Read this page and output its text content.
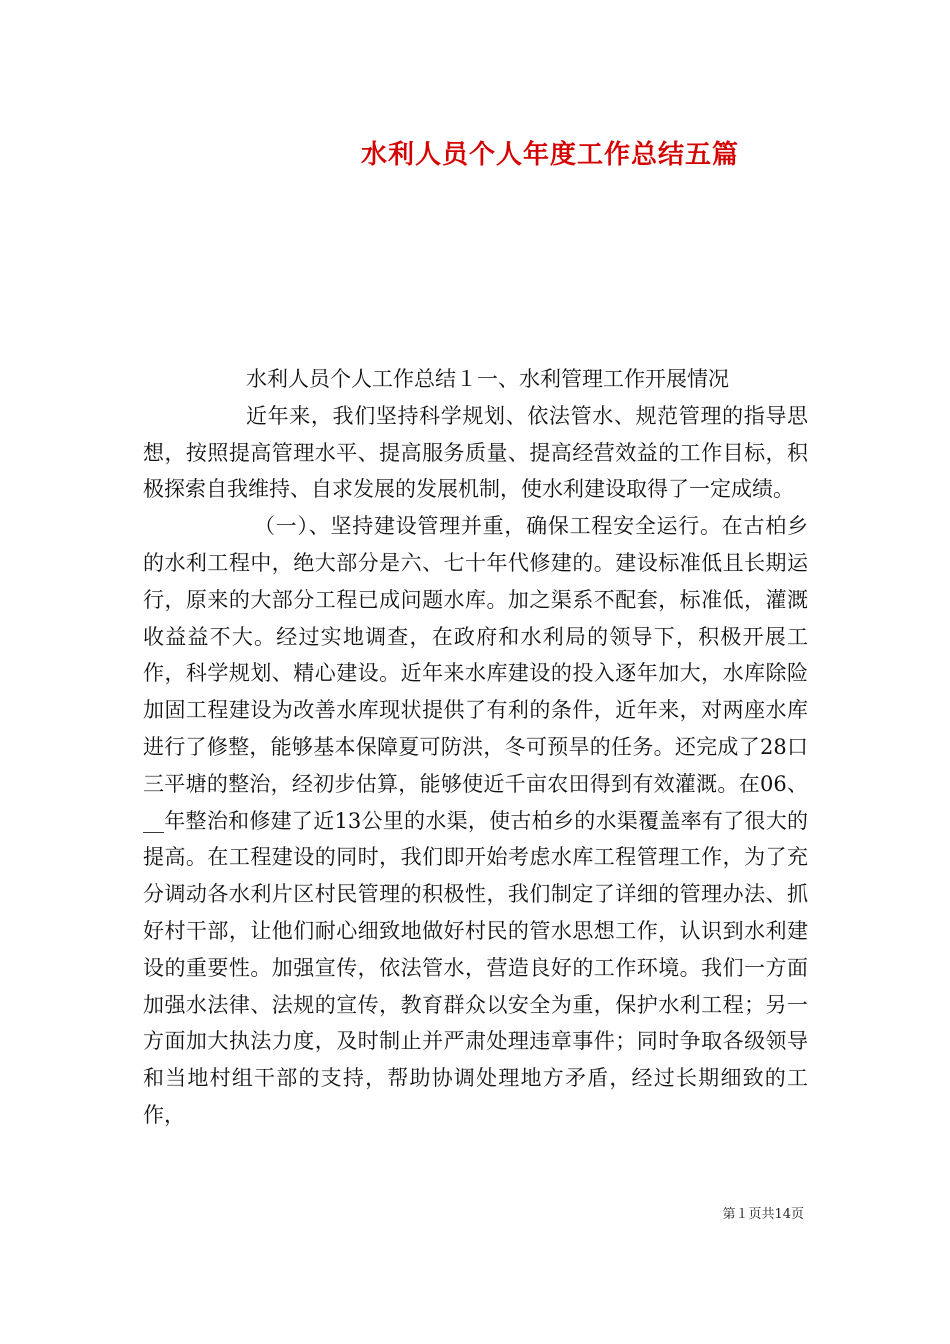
水利人员个人年度工作总结五篇

水利人员个人工作总结１一、水利管理工作开展情况

近年来，我们坚持科学规划、依法管水、规范管理的指导思想，按照提高管理水平、提高服务质量、提高经营效益的工作目标，积极探索自我维持、自求发展的发展机制，使水利建设取得了一定成绩。

（一）、坚持建设管理并重，确保工程安全运行。在古柏乡的水利工程中，绝大部分是六、七十年代修建的。建设标准低且长期运行，原来的大部分工程已成问题水库。加之渠系不配套，标准低，灌溉收益益不大。经过实地调查，在政府和水利局的领导下，积极开展工作，科学规划、精心建设。近年来水库建设的投入逐年加大，水库除险加固工程建设为改善水库现状提供了有利的条件，近年来，对两座水库进行了修整，能够基本保障夏可防洪，冬可预旱的任务。还完成了28口三平塘的整治，经初步估算，能够使近千亩农田得到有效灌溉。在06、__年整治和修建了近13公里的水渠，使古柏乡的水渠覆盖率有了很大的提高。在工程建设的同时，我们即开始考虑水库工程管理工作，为了充分调动各水利片区村民管理的积极性，我们制定了详细的管理办法、抓好村干部，让他们耐心细致地做好村民的管水思想工作，认识到水利建设的重要性。加强宣传，依法管水，营造良好的工作环境。我们一方面加强水法律、法规的宣传，教育群众以安全为重，保护水利工程；另一方面加大执法力度，及时制止并严肃处理违章事件；同时争取各级领导和当地村组干部的支持，帮助协调处理地方矛盾，经过长期细致的工作，

第１页共14页
